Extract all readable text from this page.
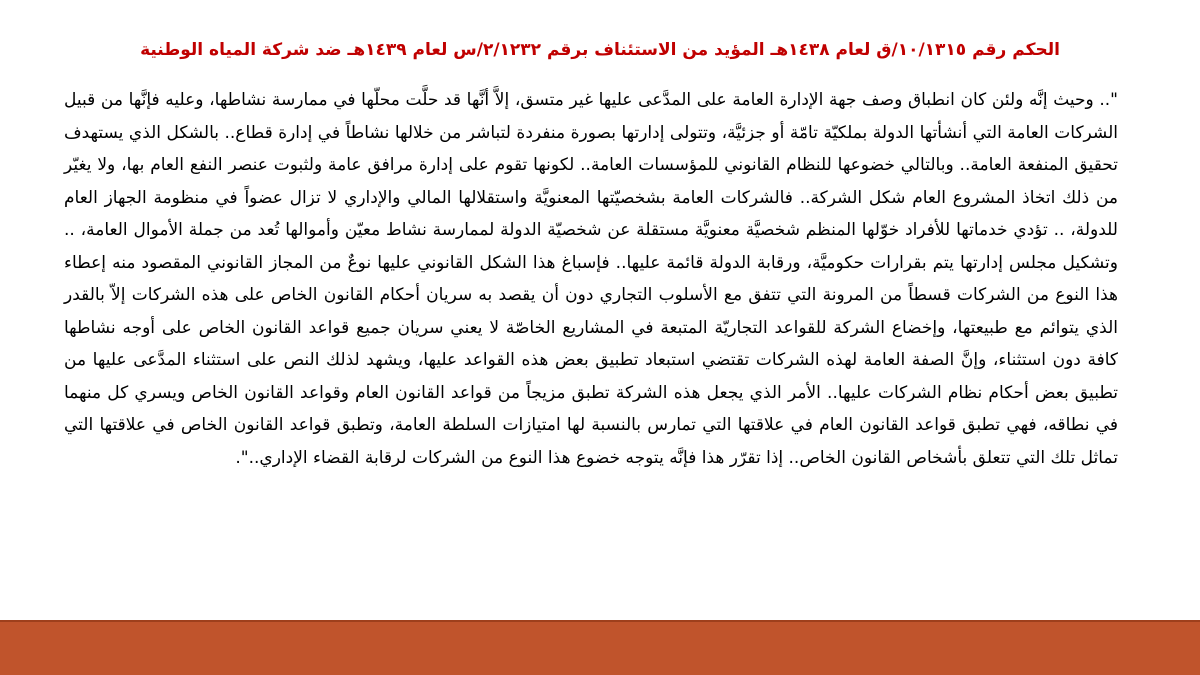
الحكم رقم ١٠/١٣١٥/ق لعام ١٤٣٨هـ المؤيد من الاستئناف برقم ٢/١٢٣٢/س لعام ١٤٣٩هـ ضد شركة المياه الوطنية

".. وحيث إنَّه ولئن كان انطباق وصف جهة الإدارة العامة على المدَّعى عليها غير متسق، إلاَّ أنَّها قد حلَّت محلّها في ممارسة نشاطها، وعليه فإنَّها من قبيل الشركات العامة التي أنشأتها الدولة بملكيّة تامّة أو جزئيَّة، وتتولى إدارتها بصورة منفردة لتباشر من خلالها نشاطاً في إدارة قطاع.. بالشكل الذي يستهدف تحقيق المنفعة العامة.. وبالتالي خضوعها للنظام القانوني للمؤسسات العامة.. لكونها تقوم على إدارة مرافق عامة ولثبوت عنصر النفع العام بها، ولا يغيّر من ذلك اتخاذ المشروع العام شكل الشركة.. فالشركات العامة بشخصيّتها المعنويَّة واستقلالها المالي والإداري لا تزال عضواً في منظومة الجهاز العام للدولة، .. تؤدي خدماتها للأفراد خوّلها المنظم شخصيَّة معنويَّة مستقلة عن شخصيّة الدولة لممارسة نشاط معيّن وأموالها تُعد من جملة الأموال العامة، .. وتشكيل مجلس إدارتها يتم بقرارات حكوميَّة، ورقابة الدولة قائمة عليها.. فإسباغ هذا الشكل القانوني عليها نوعٌ من المجاز القانوني المقصود منه إعطاء هذا النوع من الشركات قسطاً من المرونة التي تتفق مع الأسلوب التجاري دون أن يقصد به سريان أحكام القانون الخاص على هذه الشركات إلاّ بالقدر الذي يتوائم مع طبيعتها، وإخضاع الشركة للقواعد التجاريّة المتبعة في المشاريع الخاصّة لا يعني سريان جميع قواعد القانون الخاص على أوجه نشاطها كافة دون استثناء، وإنَّ الصفة العامة لهذه الشركات تقتضي استبعاد تطبيق بعض هذه القواعد عليها، ويشهد لذلك النص على استثناء المدَّعى عليها من تطبيق بعض أحكام نظام الشركات عليها.. الأمر الذي يجعل هذه الشركة تطبق مزيجاً من قواعد القانون العام وقواعد القانون الخاص ويسري كل منهما في نطاقه، فهي تطبق قواعد القانون العام في علاقتها التي تمارس بالنسبة لها امتيازات السلطة العامة، وتطبق قواعد القانون الخاص في علاقتها التي تماثل تلك التي تتعلق بأشخاص القانون الخاص.. إذا تقرّر هذا فإنَّه يتوجه خضوع هذا النوع من الشركات لرقابة القضاء الإداري..".
